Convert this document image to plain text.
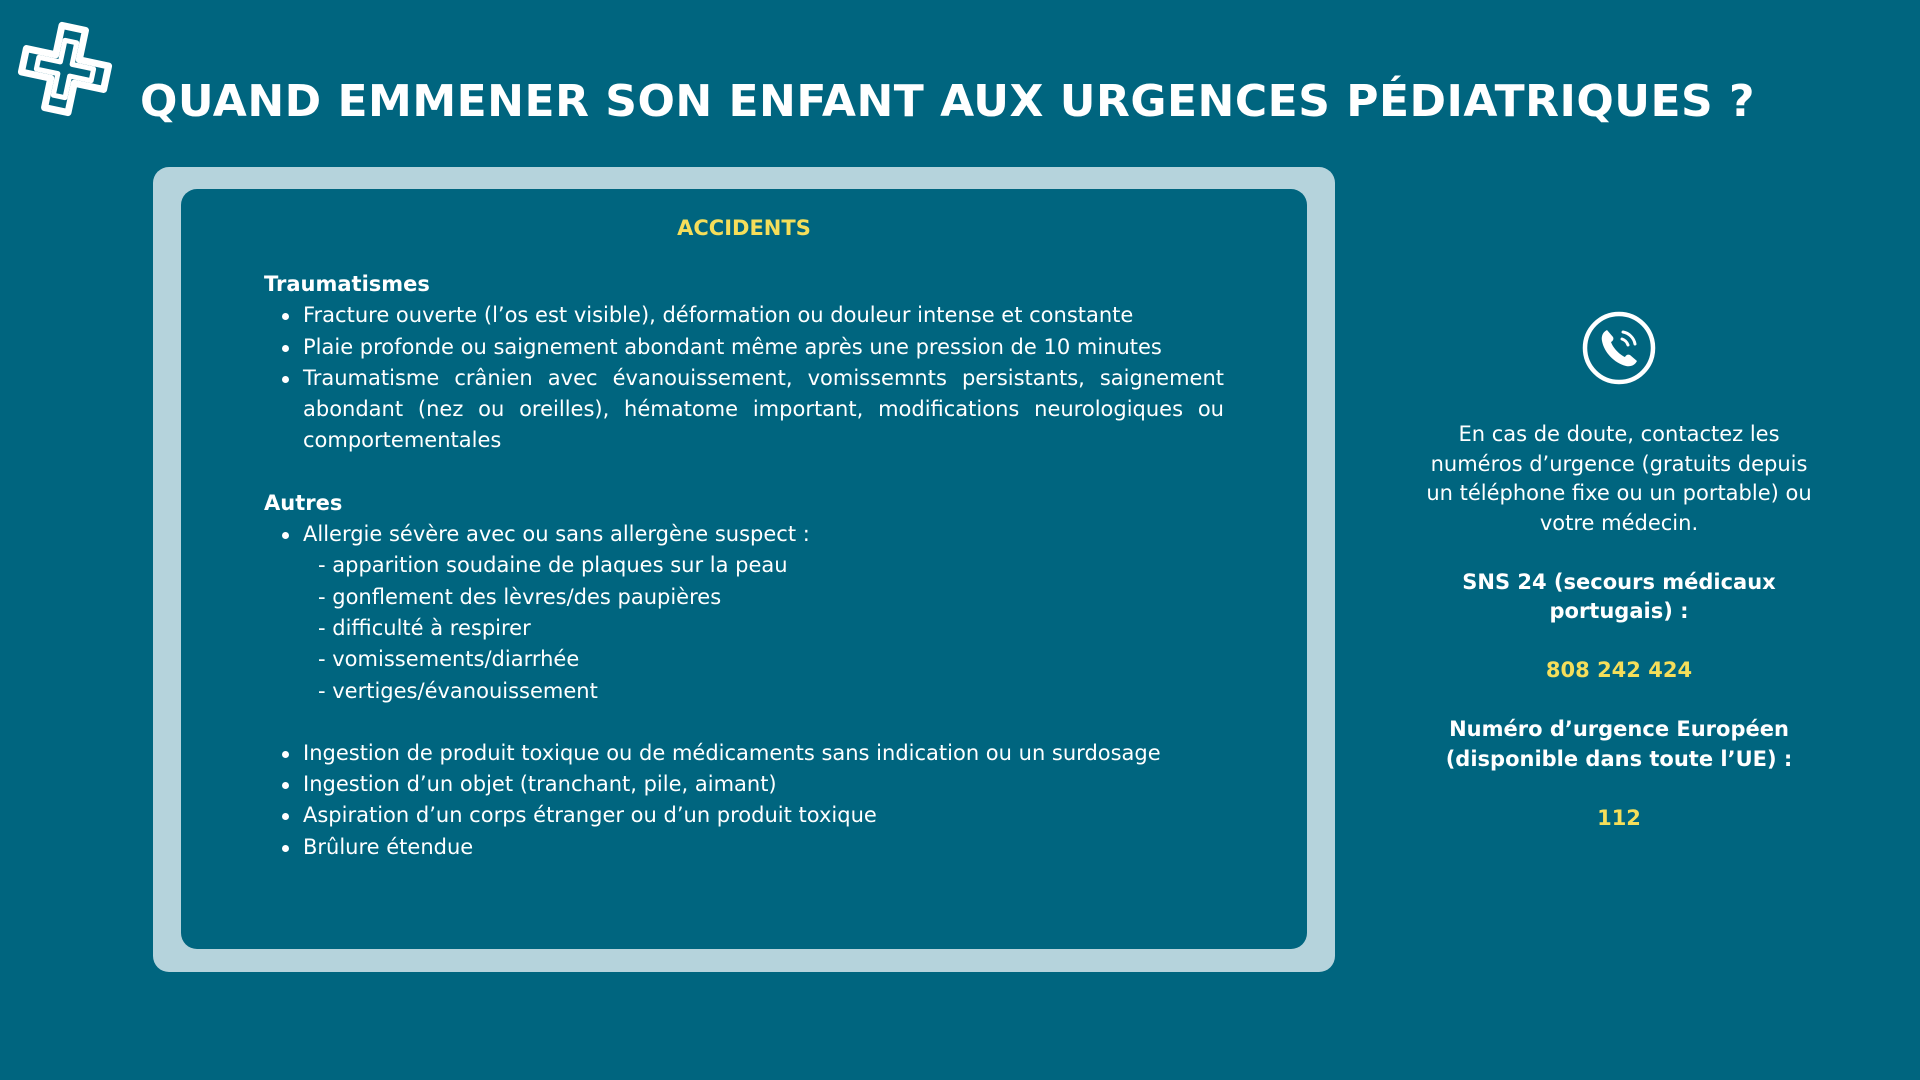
QUAND EMMENER SON ENFANT AUX URGENCES PÉDIATRIQUES ?
ACCIDENTS

Traumatismes

Fracture ouverte (l’os est visible), déformation ou douleur intense et constante
Plaie profonde ou saignement abondant même après une pression de 10 minutes
Traumatisme crânien avec évanouissement, vomissemnts persistants, saignement abondant (nez ou oreilles), hématome important, modifications neurologiques ou comportementales

Autres

Allergie sévère avec ou sans allergène suspect :
- apparition soudaine de plaques sur la peau
- gonflement des lèvres/des paupières
- difficulté à respirer
- vomissements/diarrhée
- vertiges/évanouissement
Ingestion de produit toxique ou de médicaments sans indication ou un surdosage
Ingestion d’un objet (tranchant, pile, aimant)
Aspiration d’un corps étranger ou d’un produit toxique
Brûlure étendue

En cas de doute, contactez les numéros d’urgence (gratuits depuis un téléphone fixe ou un portable) ou votre médecin.

SNS 24 (secours médicaux portugais) :

808 242 424

Numéro d’urgence Européen (disponible dans toute l’UE) :

112
